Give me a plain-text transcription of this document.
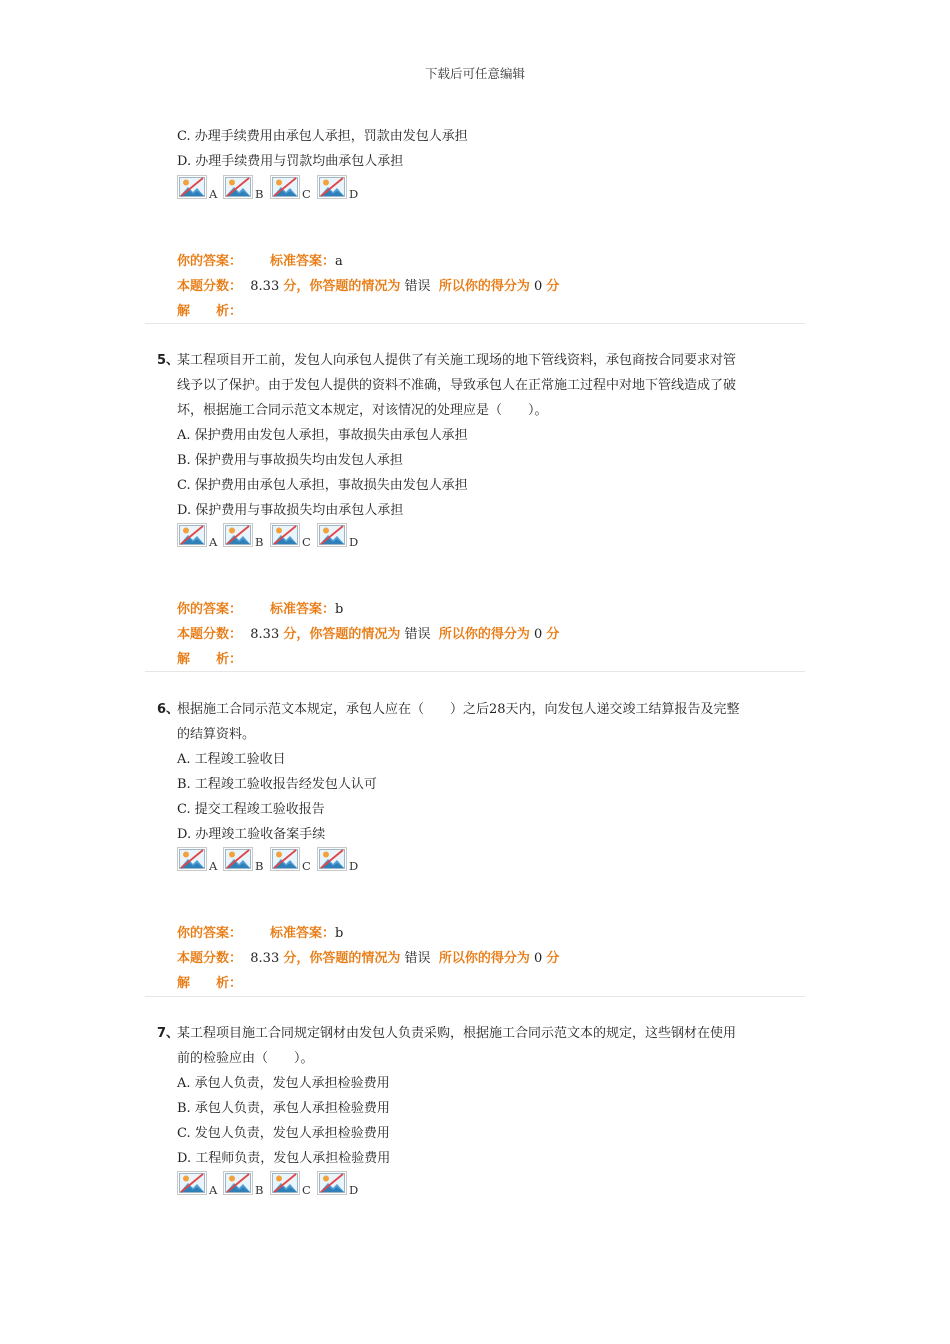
下载后可任意编辑
C. 办理手续费用由承包人承担，罚款由发包人承担
D. 办理手续费用与罚款均曲承包人承担
A	B	C	D
你的答案： 标准答案：a
本题分数： 8.33 分，你答题的情况为 错误 所以你的得分为 0 分
解　　析：
5、
某工程项目开工前，发包人向承包人提供了有关施工现场的地下管线资料，承包商按合同要求对管
线予以了保护。由于发包人提供的资料不准确，导致承包人在正常施工过程中对地下管线造成了破
坏，根据施工合同示范文本规定，对该情况的处理应是（　　）。
A. 保护费用由发包人承担，事故损失由承包人承担
B. 保护费用与事故损失均由发包人承担
C. 保护费用由承包人承担，事故损失由发包人承担
D. 保护费用与事故损失均由承包人承担
A	B	C	D
你的答案： 标准答案：b
本题分数： 8.33 分，你答题的情况为 错误 所以你的得分为 0 分
解　　析：
6、
根据施工合同示范文本规定，承包人应在（　　）之后28天内，向发包人递交竣工结算报告及完整
的结算资料。
A. 工程竣工验收日
B. 工程竣工验收报告经发包人认可
C. 提交工程竣工验收报告
D. 办理竣工验收备案手续
A	B	C	D
你的答案： 标准答案：b
本题分数： 8.33 分，你答题的情况为 错误 所以你的得分为 0 分
解　　析：
7、
某工程项目施工合同规定钢材由发包人负责采购，根据施工合同示范文本的规定，这些钢材在使用
前的检验应由（　　）。
A. 承包人负责，发包人承担检验费用
B. 承包人负责，承包人承担检验费用
C. 发包人负责，发包人承担检验费用
D. 工程师负责，发包人承担检验费用
A	B	C	D
